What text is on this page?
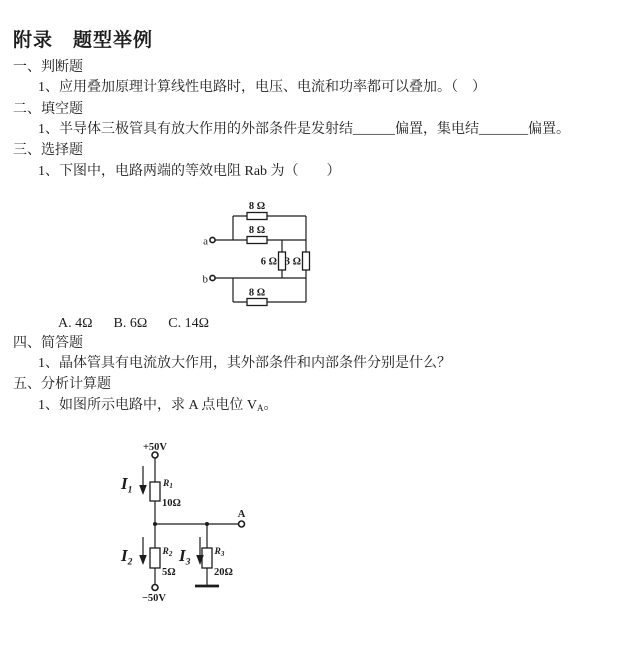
附录　题型举例
一、判断题
1、应用叠加原理计算线性电路时，电压、电流和功率都可以叠加。（　）
二、填空题
1、半导体三极管具有放大作用的外部条件是发射结______偏置，集电结_______偏置。
三、选择题
1、下图中，电路两端的等效电阻 Rab 为（　　）
a
b
8 Ω
8 Ω
6 Ω 3 Ω
8 Ω
A. 4Ω B. 6Ω C. 14Ω
四、简答题
1、晶体管具有电流放大作用，其外部条件和内部条件分别是什么？
五、分析计算题
1、如图所示电路中，求 A 点电位 $V_A$。
+50V
−50V
A
$I_1$
$I_2$	$I_3$
R1
R2	R3
10Ω
5Ω	20Ω
